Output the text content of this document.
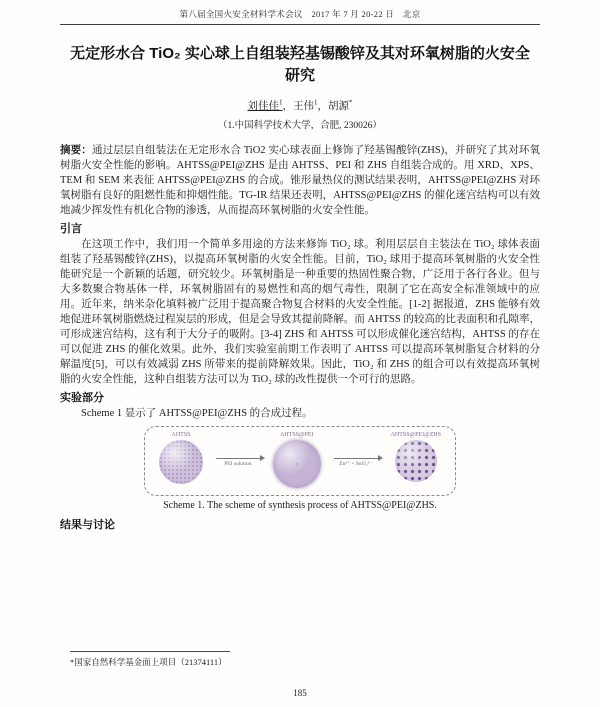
第八届全国火安全材料学术会议　2017 年 7 月 20-22 日　北京
无定形水合 TiO₂ 实心球上自组装羟基锡酸锌及其对环氧树脂的火安全研究
刘佳佳$^1$，王伟$^1$，胡源*
（1.中国科学技术大学，合肥, 230026）

摘要：通过层层自组装法在无定形水合 TiO2 实心球表面上修饰了羟基锡酸锌(ZHS)，并研究了其对环氧树脂火安全性能的影响。AHTSS@PEI@ZHS 是由 AHTSS、PEI 和 ZHS 自组装合成的。用 XRD、XPS、TEM 和 SEM 来表征 AHTSS@PEI@ZHS 的合成。锥形量热仪的测试结果表明，AHTSS@PEI@ZHS 对环氧树脂有良好的阻燃性能和抑烟性能。TG-IR 结果还表明，AHTSS@PEI@ZHS 的催化迷宫结构可以有效地减少挥发性有机化合物的渗透，从而提高环氧树脂的火安全性能。

引言

在这项工作中，我们用一个简单多用途的方法来修饰 TiO₂ 球。利用层层自主装法在 TiO₂ 球体表面组装了羟基锡酸锌(ZHS)，以提高环氧树脂的火安全性能。目前，TiO₂ 球用于提高环氧树脂的火安全性能研究是一个新颖的话题，研究较少。环氧树脂是一种重要的热固性聚合物，广泛用于各行各业。但与大多数聚合物基体一样，环氧树脂固有的易燃性和高的烟气毒性，限制了它在高安全标准领域中的应用。近年来，纳米杂化填料被广泛用于提高聚合物复合材料的火安全性能。[1-2] 据报道，ZHS 能够有效地促进环氧树脂燃烧过程炭层的形成，但是会导致其提前降解。而 AHTSS 的较高的比表面积和孔隙率，可形成迷宫结构，这有利于大分子的吸附。[3-4] ZHS 和 AHTSS 可以形成催化迷宫结构，AHTSS 的存在可以促进 ZHS 的催化效果。此外，我们实验室前期工作表明了 AHTSS 可以提高环氧树脂复合材料的分解温度[5]，可以有效减弱 ZHS 所带来的提前降解效果。因此，TiO₂ 和 ZHS 的组合可以有效提高环氧树脂的火安全性能，这种自组装方法可以为 TiO₂ 球的改性提供一个可行的思路。

实验部分

Scheme 1 显示了 AHTSS@PEI@ZHS 的合成过程。

AHTSS
PEI solution
AHTSS@PEI
Zn²⁺ + SnO₃²⁻
AHTSS@PEI@ZHS
Scheme 1. The scheme of synthesis process of AHTSS@PEI@ZHS.
结果与讨论

*国家自然科学基金面上项目（21374111）

185
